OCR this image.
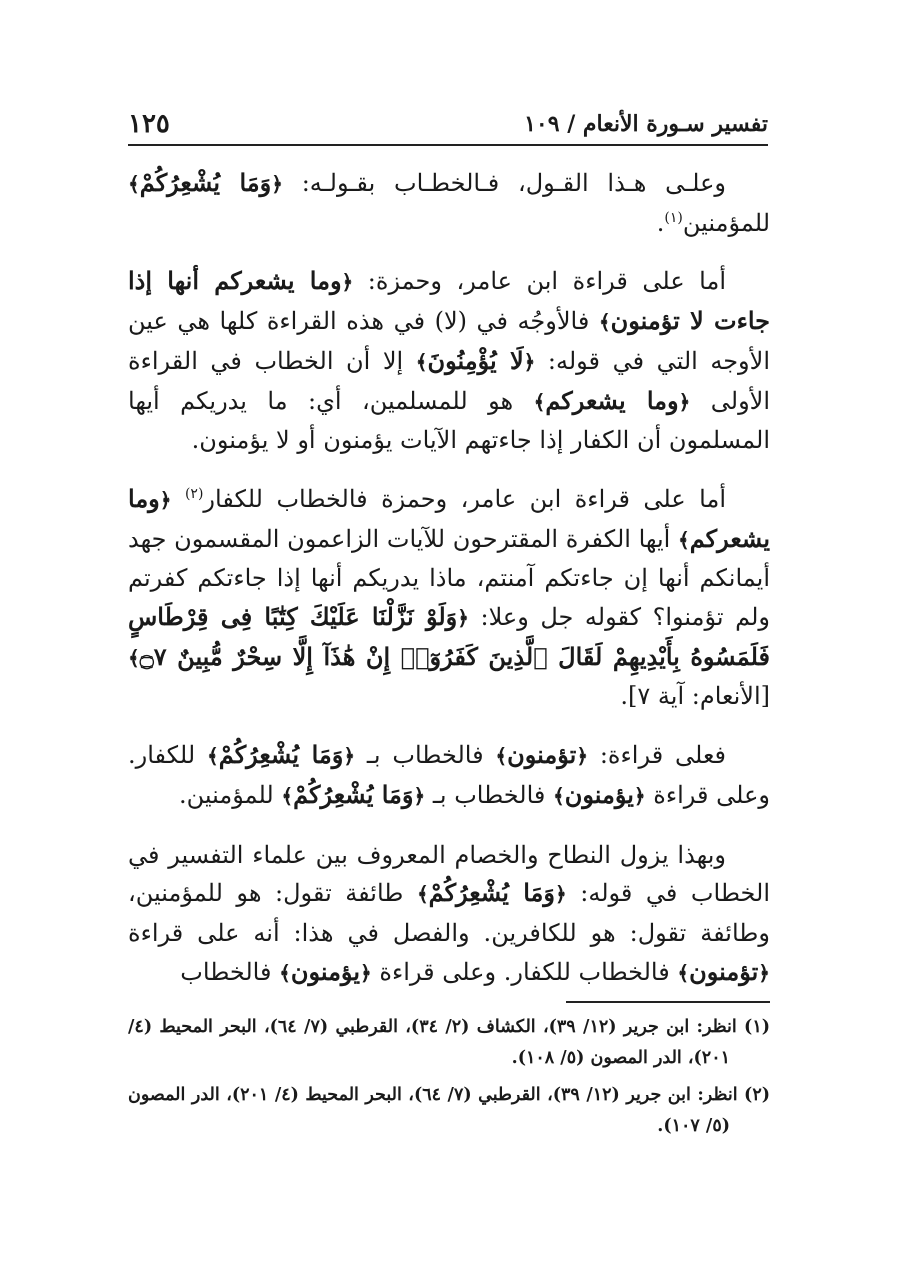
١٢٥	تفسير سـورة الأنعام / ١٠٩

وعلـى هـذا القـول، فـالخطـاب بقـولـه: ﴿وَمَا يُشْعِرُكُمْ﴾ للمؤمنين$^{(١)}$.

أما على قراءة ابن عامر، وحمزة: ﴿وما يشعركم أنها إذا جاءت لا تؤمنون﴾ فالأوجُه في (لا) في هذه القراءة كلها هي عين الأوجه التي في قوله: ﴿لَا يُؤْمِنُونَ﴾ إلا أن الخطاب في القراءة الأولى ﴿وما يشعركم﴾ هو للمسلمين، أي: ما يدريكم أيها المسلمون أن الكفار إذا جاءتهم الآيات يؤمنون أو لا يؤمنون.

أما على قراءة ابن عامر، وحمزة فالخطاب للكفار$^{(٢)}$ ﴿وما يشعركم﴾ أيها الكفرة المقترحون للآيات الزاعمون المقسمون جهد أيمانكم أنها إن جاءتكم آمنتم، ماذا يدريكم أنها إذا جاءتكم كفرتم ولم تؤمنوا؟ كقوله جل وعلا: ﴿وَلَوْ نَزَّلْنَا عَلَيْكَ كِتَٰبًا فِى قِرْطَاسٍ فَلَمَسُوهُ بِأَيْدِيهِمْ لَقَالَ ٱلَّذِينَ كَفَرُوٓا۟ إِنْ هَٰذَآ إِلَّا سِحْرٌ مُّبِينٌ ۝٧﴾ [الأنعام: آية ٧].

فعلى قراءة: ﴿تؤمنون﴾ فالخطاب بـ ﴿وَمَا يُشْعِرُكُمْ﴾ للكفار. وعلى قراءة ﴿يؤمنون﴾ فالخطاب بـ ﴿وَمَا يُشْعِرُكُمْ﴾ للمؤمنين.

وبهذا يزول النطاح والخصام المعروف بين علماء التفسير في الخطاب في قوله: ﴿وَمَا يُشْعِرُكُمْ﴾ طائفة تقول: هو للمؤمنين، وطائفة تقول: هو للكافرين. والفصل في هذا: أنه على قراءة ﴿تؤمنون﴾ فالخطاب للكفار. وعلى قراءة ﴿يؤمنون﴾ فالخطاب

(١) انظر: ابن جرير (١٢/ ٣٩)، الكشاف (٢/ ٣٤)، القرطبي (٧/ ٦٤)، البحر المحيط (٤/ ٢٠١)، الدر المصون (٥/ ١٠٨).

(٢) انظر: ابن جرير (١٢/ ٣٩)، القرطبي (٧/ ٦٤)، البحر المحيط (٤/ ٢٠١)، الدر المصون (٥/ ١٠٧).
